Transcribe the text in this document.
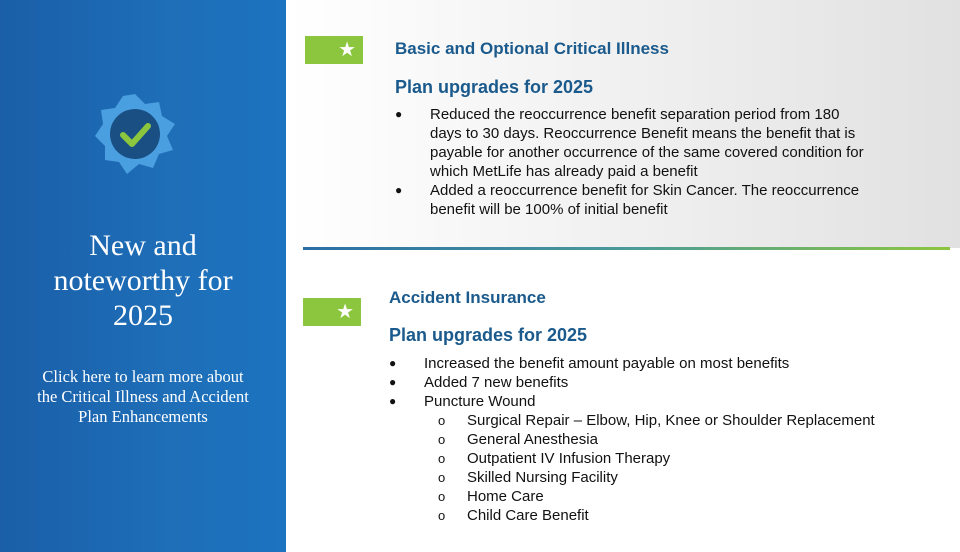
New and
noteworthy for
2025
Click here to learn more about
the Critical Illness and Accident
Plan Enhancements
★ Basic and Optional Critical Illness
Plan upgrades for 2025
● Reduced the reoccurrence benefit separation period from 180
days to 30 days. Reoccurrence Benefit means the benefit that is
payable for another occurrence of the same covered condition for
which MetLife has already paid a benefit
● Added a reoccurrence benefit for Skin Cancer. The reoccurrence
benefit will be 100% of initial benefit
★
Accident Insurance
Plan upgrades for 2025
● Increased the benefit amount payable on most benefits
● Added 7 new benefits
● Puncture Wound
o Surgical Repair – Elbow, Hip, Knee or Shoulder Replacement
o General Anesthesia
o Outpatient IV Infusion Therapy
o Skilled Nursing Facility
o Home Care
o Child Care Benefit
